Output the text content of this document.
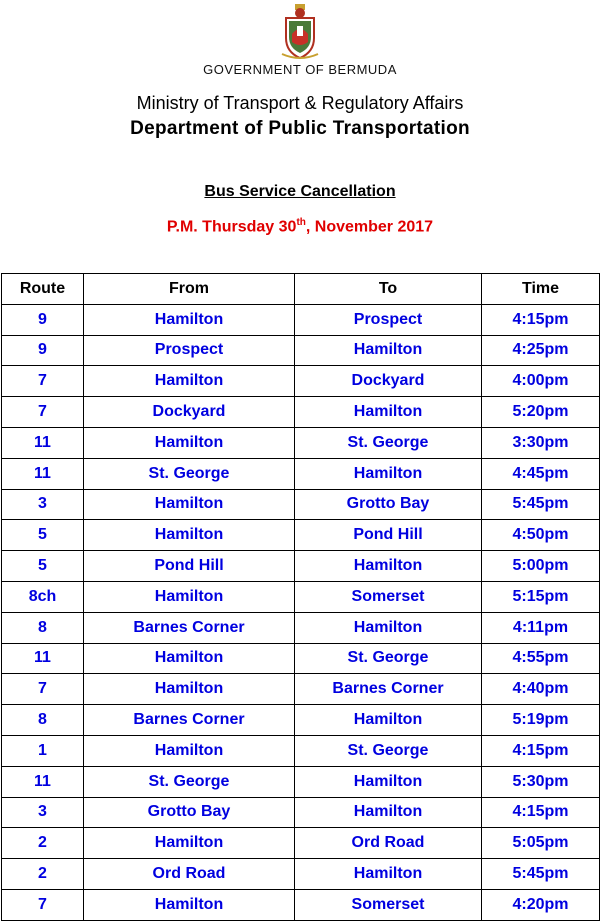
GOVERNMENT OF BERMUDA
Ministry of Transport & Regulatory Affairs
Department of Public Transportation
Bus Service Cancellation
P.M. Thursday 30th, November 2017
Route	From	To	Time
9	Hamilton	Prospect	4:15pm
9	Prospect	Hamilton	4:25pm
7	Hamilton	Dockyard	4:00pm
7	Dockyard	Hamilton	5:20pm
11	Hamilton	St. George	3:30pm
11	St. George	Hamilton	4:45pm
3	Hamilton	Grotto Bay	5:45pm
5	Hamilton	Pond Hill	4:50pm
5	Pond Hill	Hamilton	5:00pm
8ch	Hamilton	Somerset	5:15pm
8	Barnes Corner	Hamilton	4:11pm
11	Hamilton	St. George	4:55pm
7	Hamilton	Barnes Corner	4:40pm
8	Barnes Corner	Hamilton	5:19pm
1	Hamilton	St. George	4:15pm
11	St. George	Hamilton	5:30pm
3	Grotto Bay	Hamilton	4:15pm
2	Hamilton	Ord Road	5:05pm
2	Ord Road	Hamilton	5:45pm
7	Hamilton	Somerset	4:20pm
